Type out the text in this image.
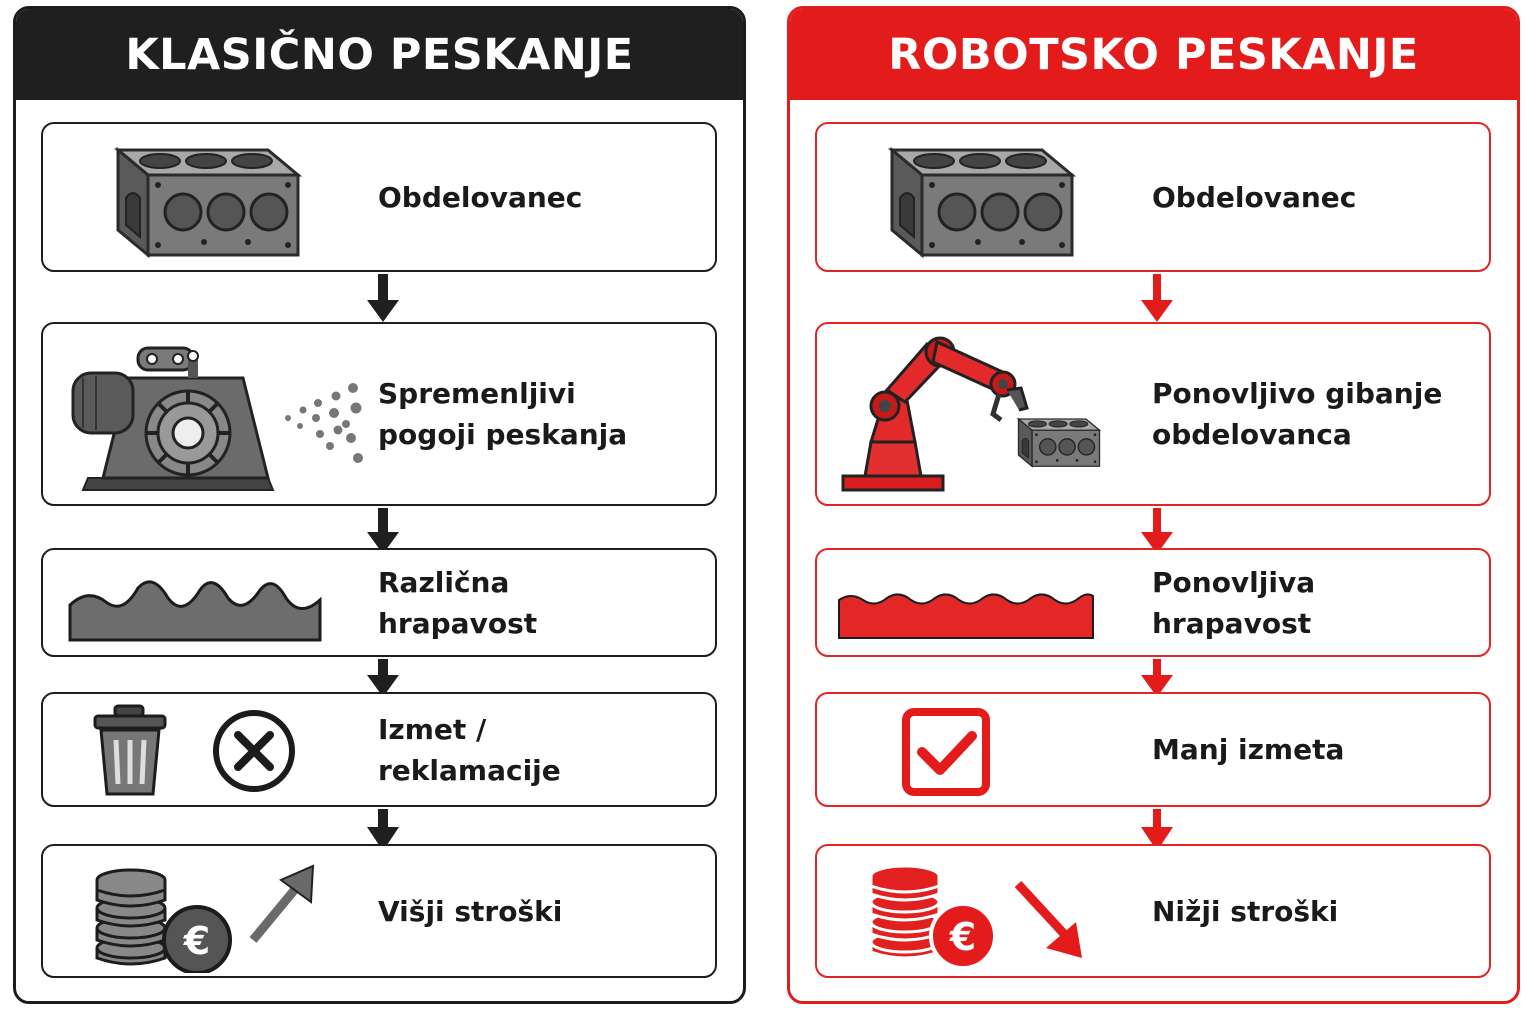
KLASIČNO PESKANJE
Obdelovanec
Spremenljivi
pogoji peskanja
Različna
hrapavost
Izmet /
reklamacije
€
Višji stroški
ROBOTSKO PESKANJE
Obdelovanec
Ponovljivo gibanje
obdelovanca
Ponovljiva
hrapavost
Manj izmeta
€
Nižji stroški
